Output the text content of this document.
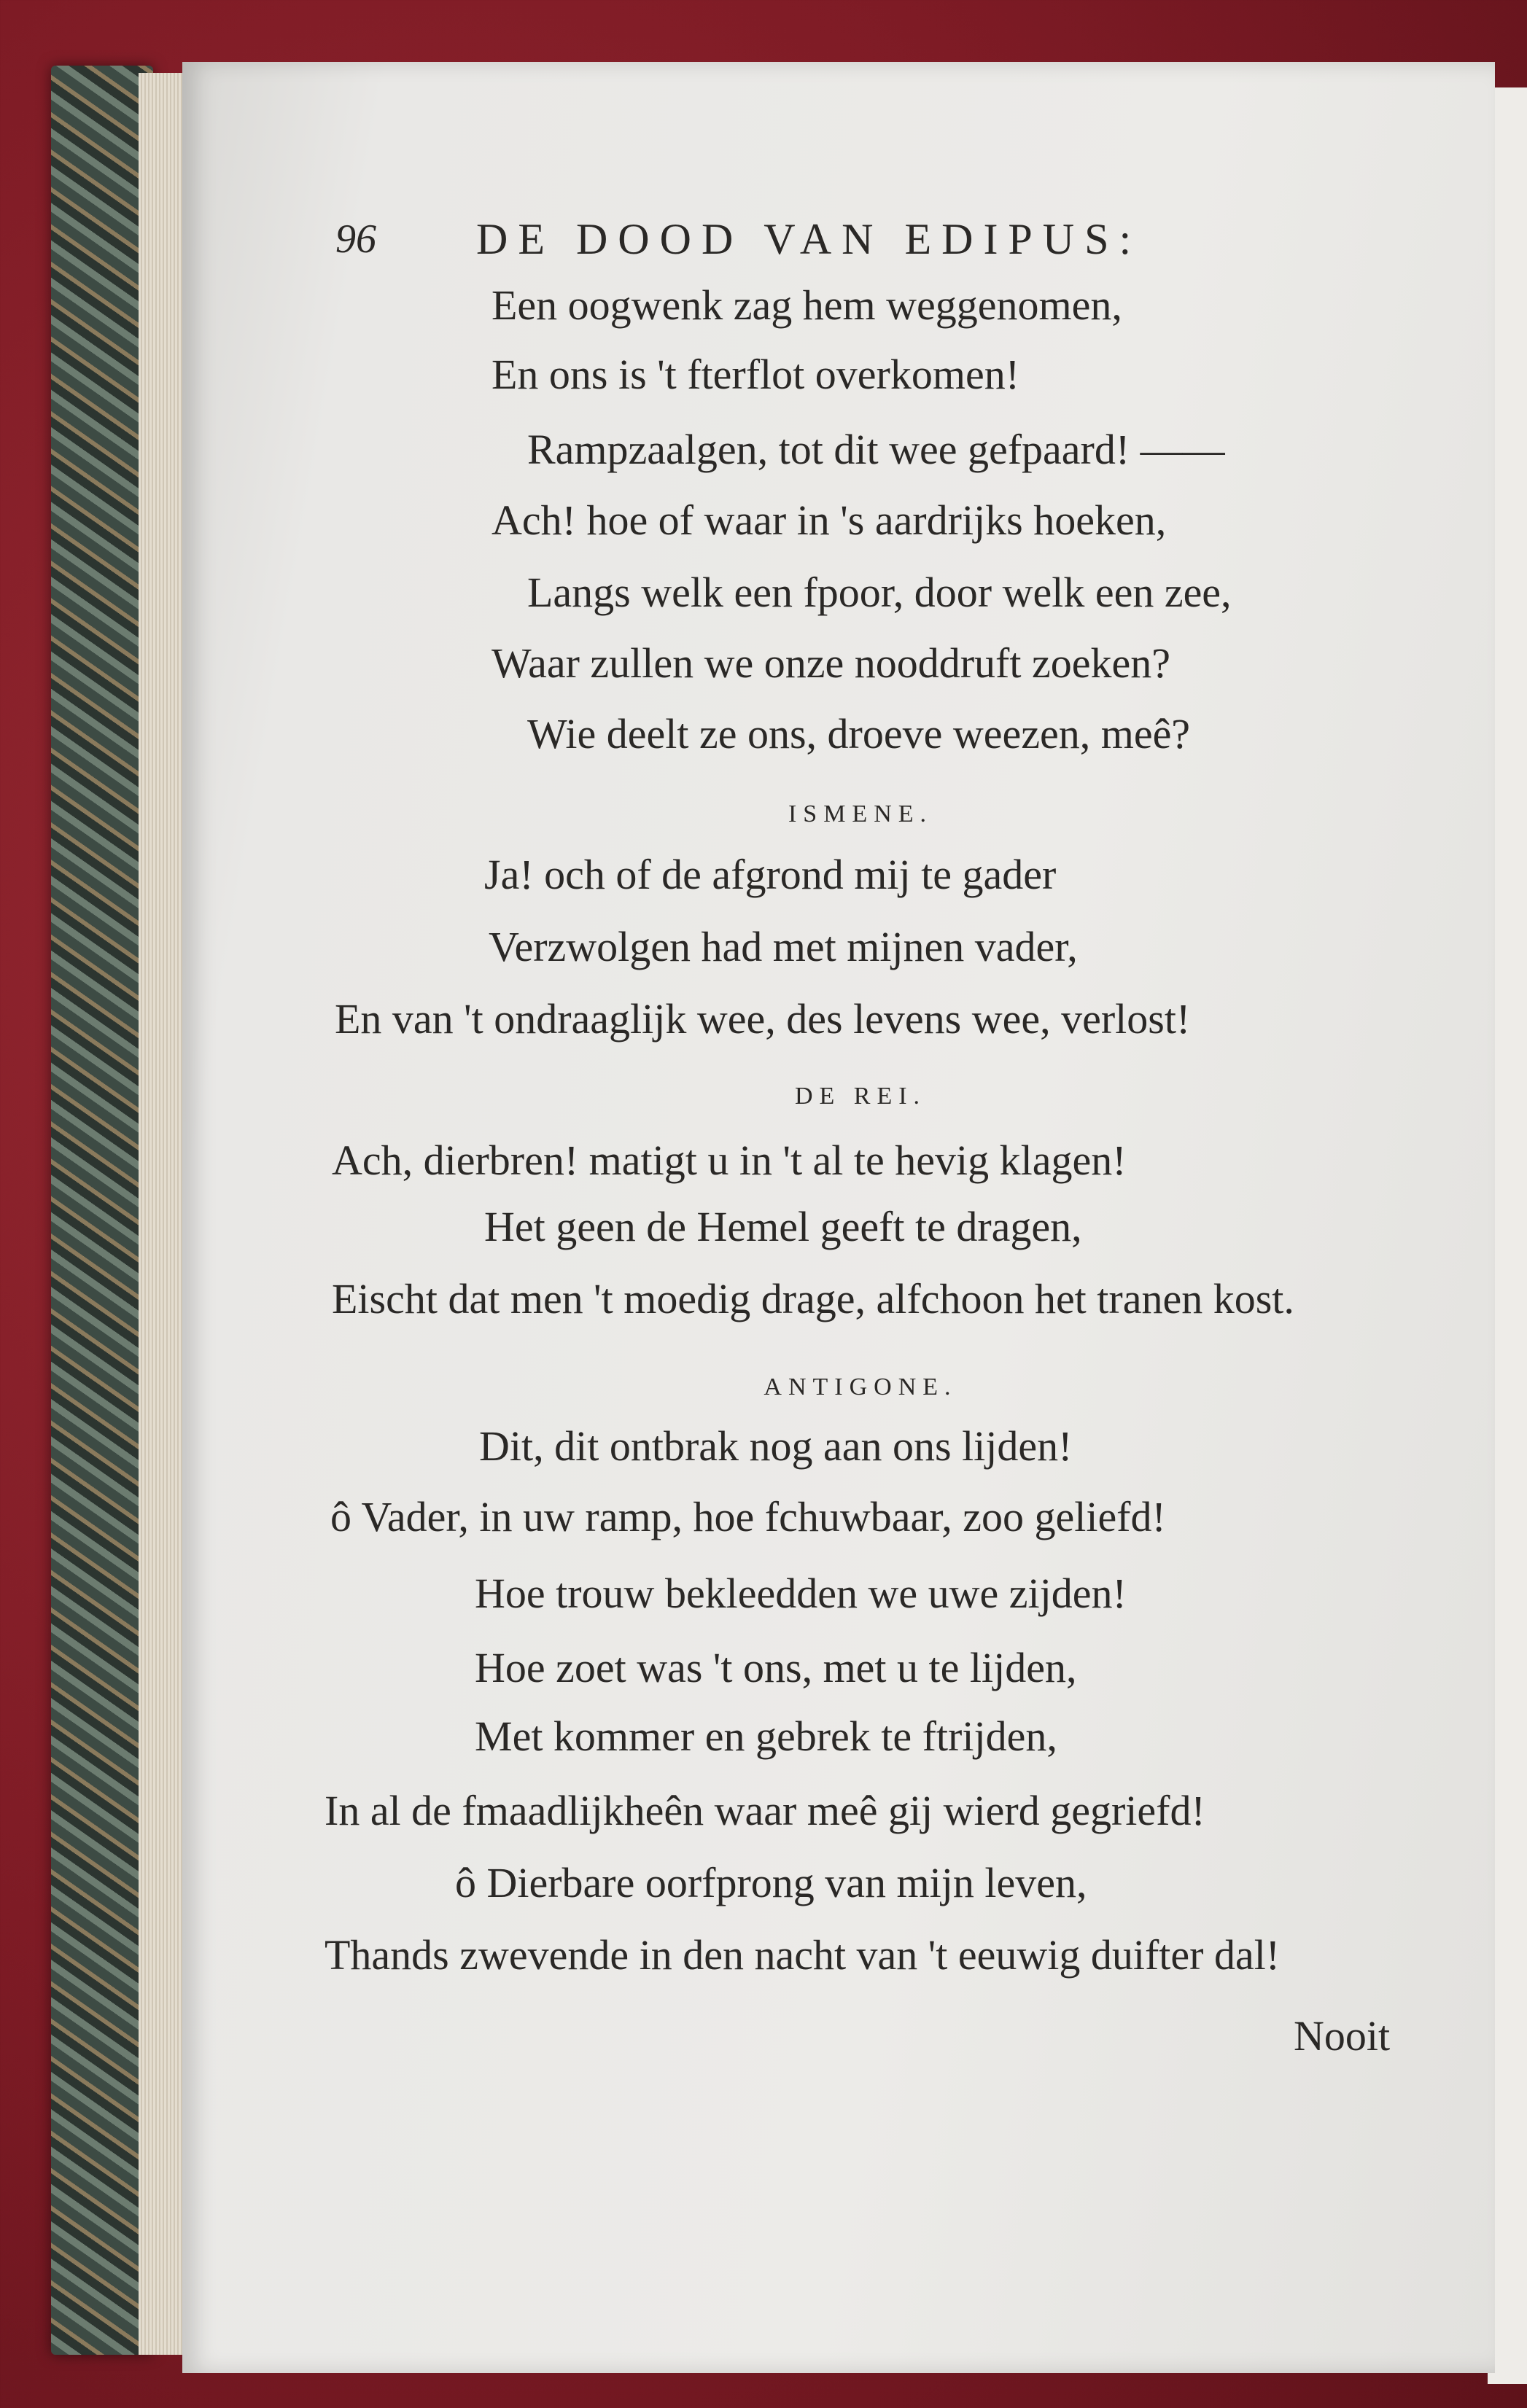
96 DE DOOD VAN EDIPUS:
Een oogwenk zag hem weggenomen,
En ons is 't fterflot overkomen!
Rampzaalgen, tot dit wee gefpaard! ——
Ach! hoe of waar in 's aardrijks hoeken,
Langs welk een fpoor, door welk een zee,
Waar zullen we onze nooddruft zoeken?
Wie deelt ze ons, droeve weezen, meê?
ISMENE.
Ja! och of de afgrond mij te gader
Verzwolgen had met mijnen vader,
En van 't ondraaglijk wee, des levens wee, verlost!
DE REI.
Ach, dierbren! matigt u in 't al te hevig klagen!
Het geen de Hemel geeft te dragen,
Eischt dat men 't moedig drage, alfchoon het tranen kost.
ANTIGONE.
Dit, dit ontbrak nog aan ons lijden!
ô Vader, in uw ramp, hoe fchuwbaar, zoo geliefd!
Hoe trouw bekleedden we uwe zijden!
Hoe zoet was 't ons, met u te lijden,
Met kommer en gebrek te ftrijden,
In al de fmaadlijkheên waar meê gij wierd gegriefd!
ô Dierbare oorfprong van mijn leven,
Thands zwevende in den nacht van 't eeuwig duifter dal!
Nooit
